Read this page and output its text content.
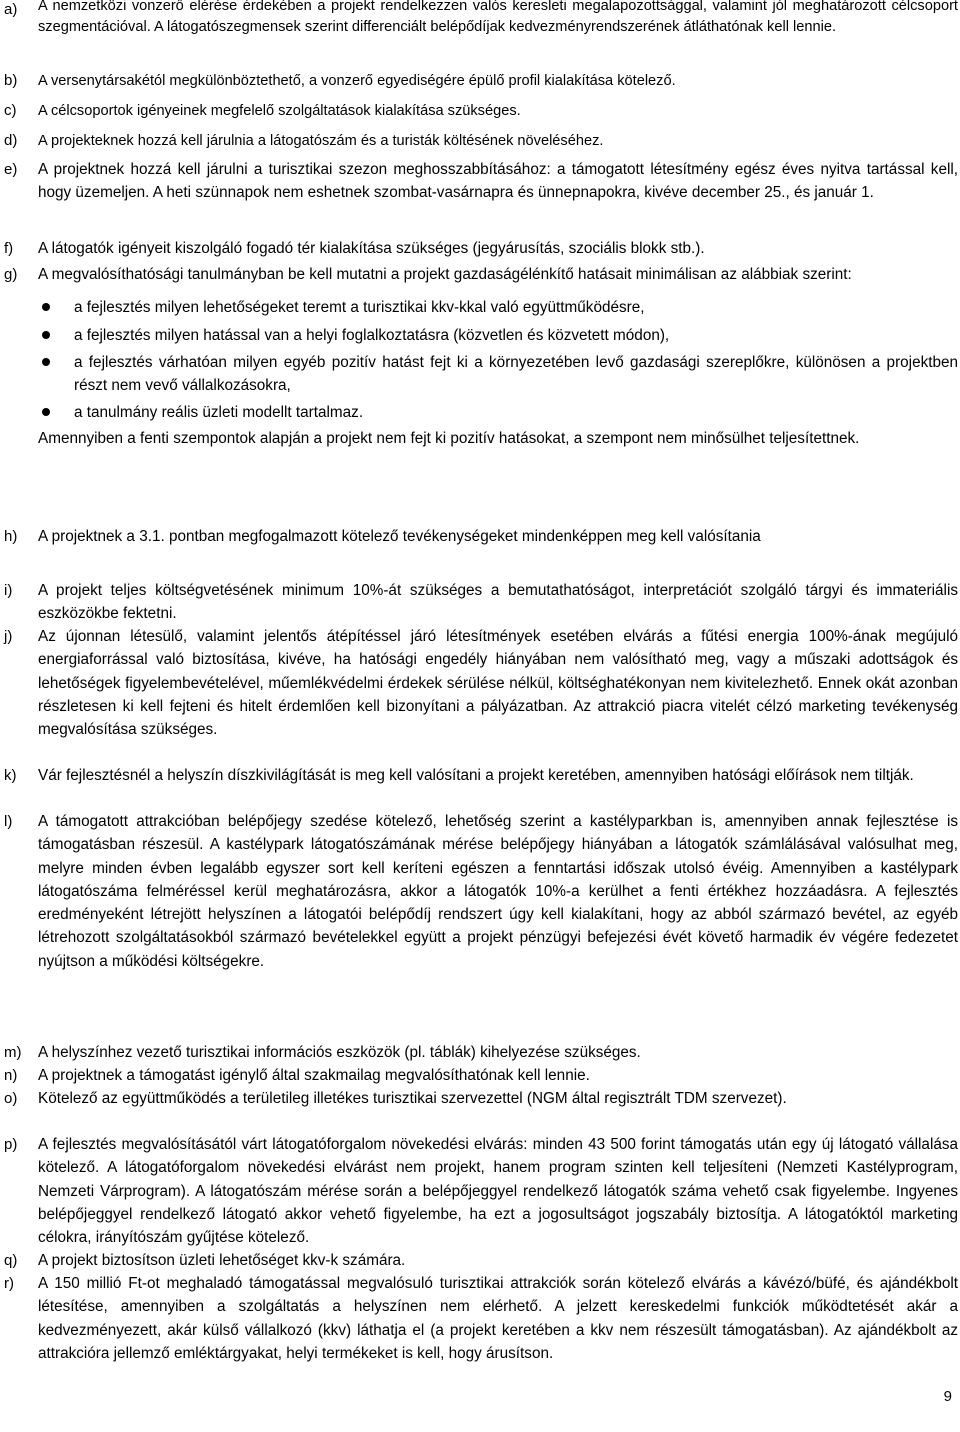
a) A nemzetközi vonzerő elérése érdekében a projekt rendelkezzen valós keresleti megalapozottsággal, valamint jól meghatározott célcsoport szegmentációval. A látogatószegmensek szerint differenciált belépődíjak kedvezményrendszerének átláthatónak kell lennie.

b) A versenytársakétól megkülönböztethető, a vonzerő egyediségére épülő profil kialakítása kötelező.

c) A célcsoportok igényeinek megfelelő szolgáltatások kialakítása szükséges.

d) A projekteknek hozzá kell járulnia a látogatószám és a turisták költésének növeléséhez.

e) A projektnek hozzá kell járulni a turisztikai szezon meghosszabbításához: a támogatott létesítmény egész éves nyitva tartással kell, hogy üzemeljen. A heti szünnapok nem eshetnek szombat-vasárnapra és ünnepnapokra, kivéve december 25., és január 1.

f) A látogatók igényeit kiszolgáló fogadó tér kialakítása szükséges (jegyárusítás, szociális blokk stb.).

g) A megvalósíthatósági tanulmányban be kell mutatni a projekt gazdaságélénkítő hatásait minimálisan az alábbiak szerint:

a fejlesztés milyen lehetőségeket teremt a turisztikai kkv-kkal való együttműködésre,
a fejlesztés milyen hatással van a helyi foglalkoztatásra (közvetlen és közvetett módon),
a fejlesztés várhatóan milyen egyéb pozitív hatást fejt ki a környezetében levő gazdasági szereplőkre, különösen a projektben részt nem vevő vállalkozásokra,
a tanulmány reális üzleti modellt tartalmaz.

Amennyiben a fenti szempontok alapján a projekt nem fejt ki pozitív hatásokat, a szempont nem minősülhet teljesítettnek.

h) A projektnek a 3.1. pontban megfogalmazott kötelező tevékenységeket mindenképpen meg kell valósítania

i) A projekt teljes költségvetésének minimum 10%-át szükséges a bemutathatóságot, interpretációt szolgáló tárgyi és immateriális eszközökbe fektetni.

j) Az újonnan létesülő, valamint jelentős átépítéssel járó létesítmények esetében elvárás a fűtési energia 100%-ának megújuló energiaforrással való biztosítása, kivéve, ha hatósági engedély hiányában nem valósítható meg, vagy a műszaki adottságok és lehetőségek figyelembevételével, műemlékvédelmi érdekek sérülése nélkül, költséghatékonyan nem kivitelezhető. Ennek okát azonban részletesen ki kell fejteni és hitelt érdemlően kell bizonyítani a pályázatban. Az attrakció piacra vitelét célzó marketing tevékenység megvalósítása szükséges.

k) Vár fejlesztésnél a helyszín díszkivilágítását is meg kell valósítani a projekt keretében, amennyiben hatósági előírások nem tiltják.

l) A támogatott attrakcióban belépőjegy szedése kötelező, lehetőség szerint a kastélyparkban is, amennyiben annak fejlesztése is támogatásban részesül. A kastélypark látogatószámának mérése belépőjegy hiányában a látogatók számlálásával valósulhat meg, melyre minden évben legalább egyszer sort kell keríteni egészen a fenntartási időszak utolsó évéig. Amennyiben a kastélypark látogatószáma felméréssel kerül meghatározásra, akkor a látogatók 10%-a kerülhet a fenti értékhez hozzáadásra. A fejlesztés eredményeként létrejött helyszínen a látogatói belépődíj rendszert úgy kell kialakítani, hogy az abból származó bevétel, az egyéb létrehozott szolgáltatásokból származó bevételekkel együtt a projekt pénzügyi befejezési évét követő harmadik év végére fedezetet nyújtson a működési költségekre.

m) A helyszínhez vezető turisztikai információs eszközök (pl. táblák) kihelyezése szükséges.

n) A projektnek a támogatást igénylő által szakmailag megvalósíthatónak kell lennie.

o) Kötelező az együttműködés a területileg illetékes turisztikai szervezettel (NGM által regisztrált TDM szervezet).

p) A fejlesztés megvalósításától várt látogatóforgalom növekedési elvárás: minden 43 500 forint támogatás után egy új látogató vállalása kötelező. A látogatóforgalom növekedési elvárást nem projekt, hanem program szinten kell teljesíteni (Nemzeti Kastélyprogram, Nemzeti Várprogram). A látogatószám mérése során a belépőjeggyel rendelkező látogatók száma vehető csak figyelembe. Ingyenes belépőjeggyel rendelkező látogató akkor vehető figyelembe, ha ezt a jogosultságot jogszabály biztosítja. A látogatóktól marketing célokra, irányítószám gyűjtése kötelező.

q) A projekt biztosítson üzleti lehetőséget kkv-k számára.

r) A 150 millió Ft-ot meghaladó támogatással megvalósuló turisztikai attrakciók során kötelező elvárás a kávézó/büfé, és ajándékbolt létesítése, amennyiben a szolgáltatás a helyszínen nem elérhető. A jelzett kereskedelmi funkciók működtetését akár a kedvezményezett, akár külső vállalkozó (kkv) láthatja el (a projekt keretében a kkv nem részesült támogatásban). Az ajándékbolt az attrakcióra jellemző emléktárgyakat, helyi termékeket is kell, hogy árusítson.

9
